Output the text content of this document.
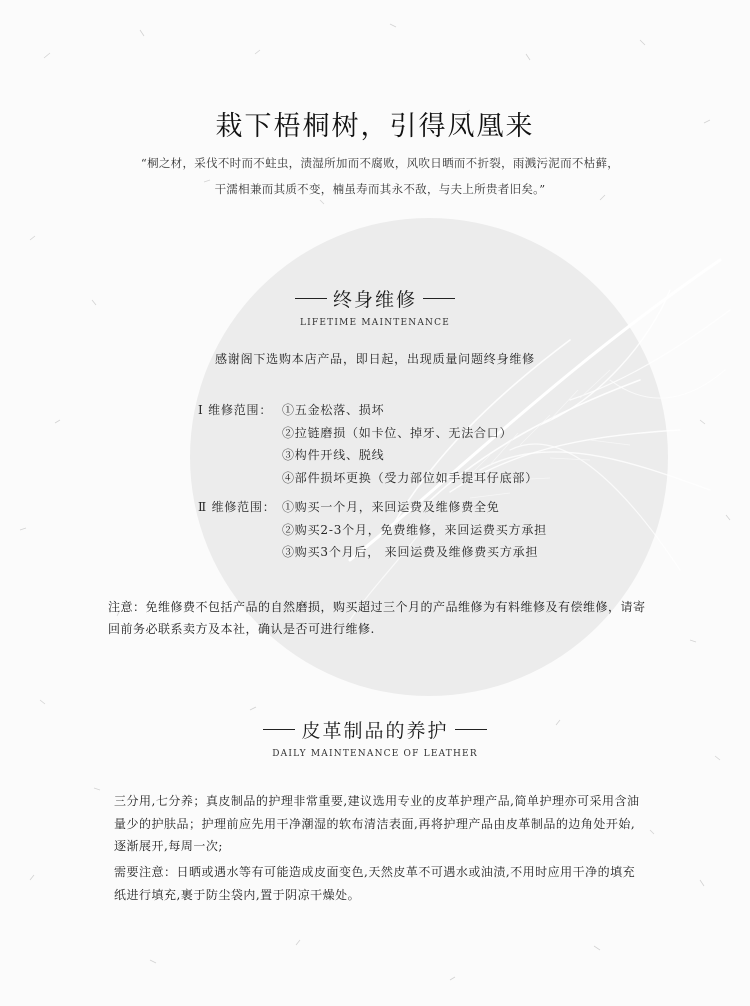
栽下梧桐树，引得凤凰来
“桐之材，采伐不时而不蛀虫，渍湿所加而不腐败，风吹日晒而不折裂，雨溅污泥而不枯藓，
干濡相兼而其质不变，楠虽寿而其永不敌，与夫上所贵者旧矣。”
终身维修
LIFETIME MAINTENANCE
感谢阁下选购本店产品，即日起，出现质量问题终身维修
Ⅰ 维修范围： ①五金松落、损坏
②拉链磨损（如卡位、掉牙、无法合口）
③构件开线、脱线
④部件损坏更换（受力部位如手提耳仔底部）
Ⅱ 维修范围： ①购买一个月，来回运费及维修费全免
②购买2-3个月，免费维修，来回运费买方承担
③购买3个月后， 来回运费及维修费买方承担
注意：免维修费不包括产品的自然磨损，购买超过三个月的产品维修为有料维修及有偿维修，请寄回前务必联系卖方及本社，确认是否可进行维修.
皮革制品的养护
DAILY MAINTENANCE OF LEATHER
三分用,七分养；真皮制品的护理非常重要,建议选用专业的皮革护理产品,简单护理亦可采用含油量少的护肤品；护理前应先用干净潮湿的软布清洁表面,再将护理产品由皮革制品的边角处开始,逐渐展开,每周一次;
需要注意：日晒或遇水等有可能造成皮面变色,天然皮革不可遇水或油渍,不用时应用干净的填充纸进行填充,裹于防尘袋内,置于阴凉干燥处。
